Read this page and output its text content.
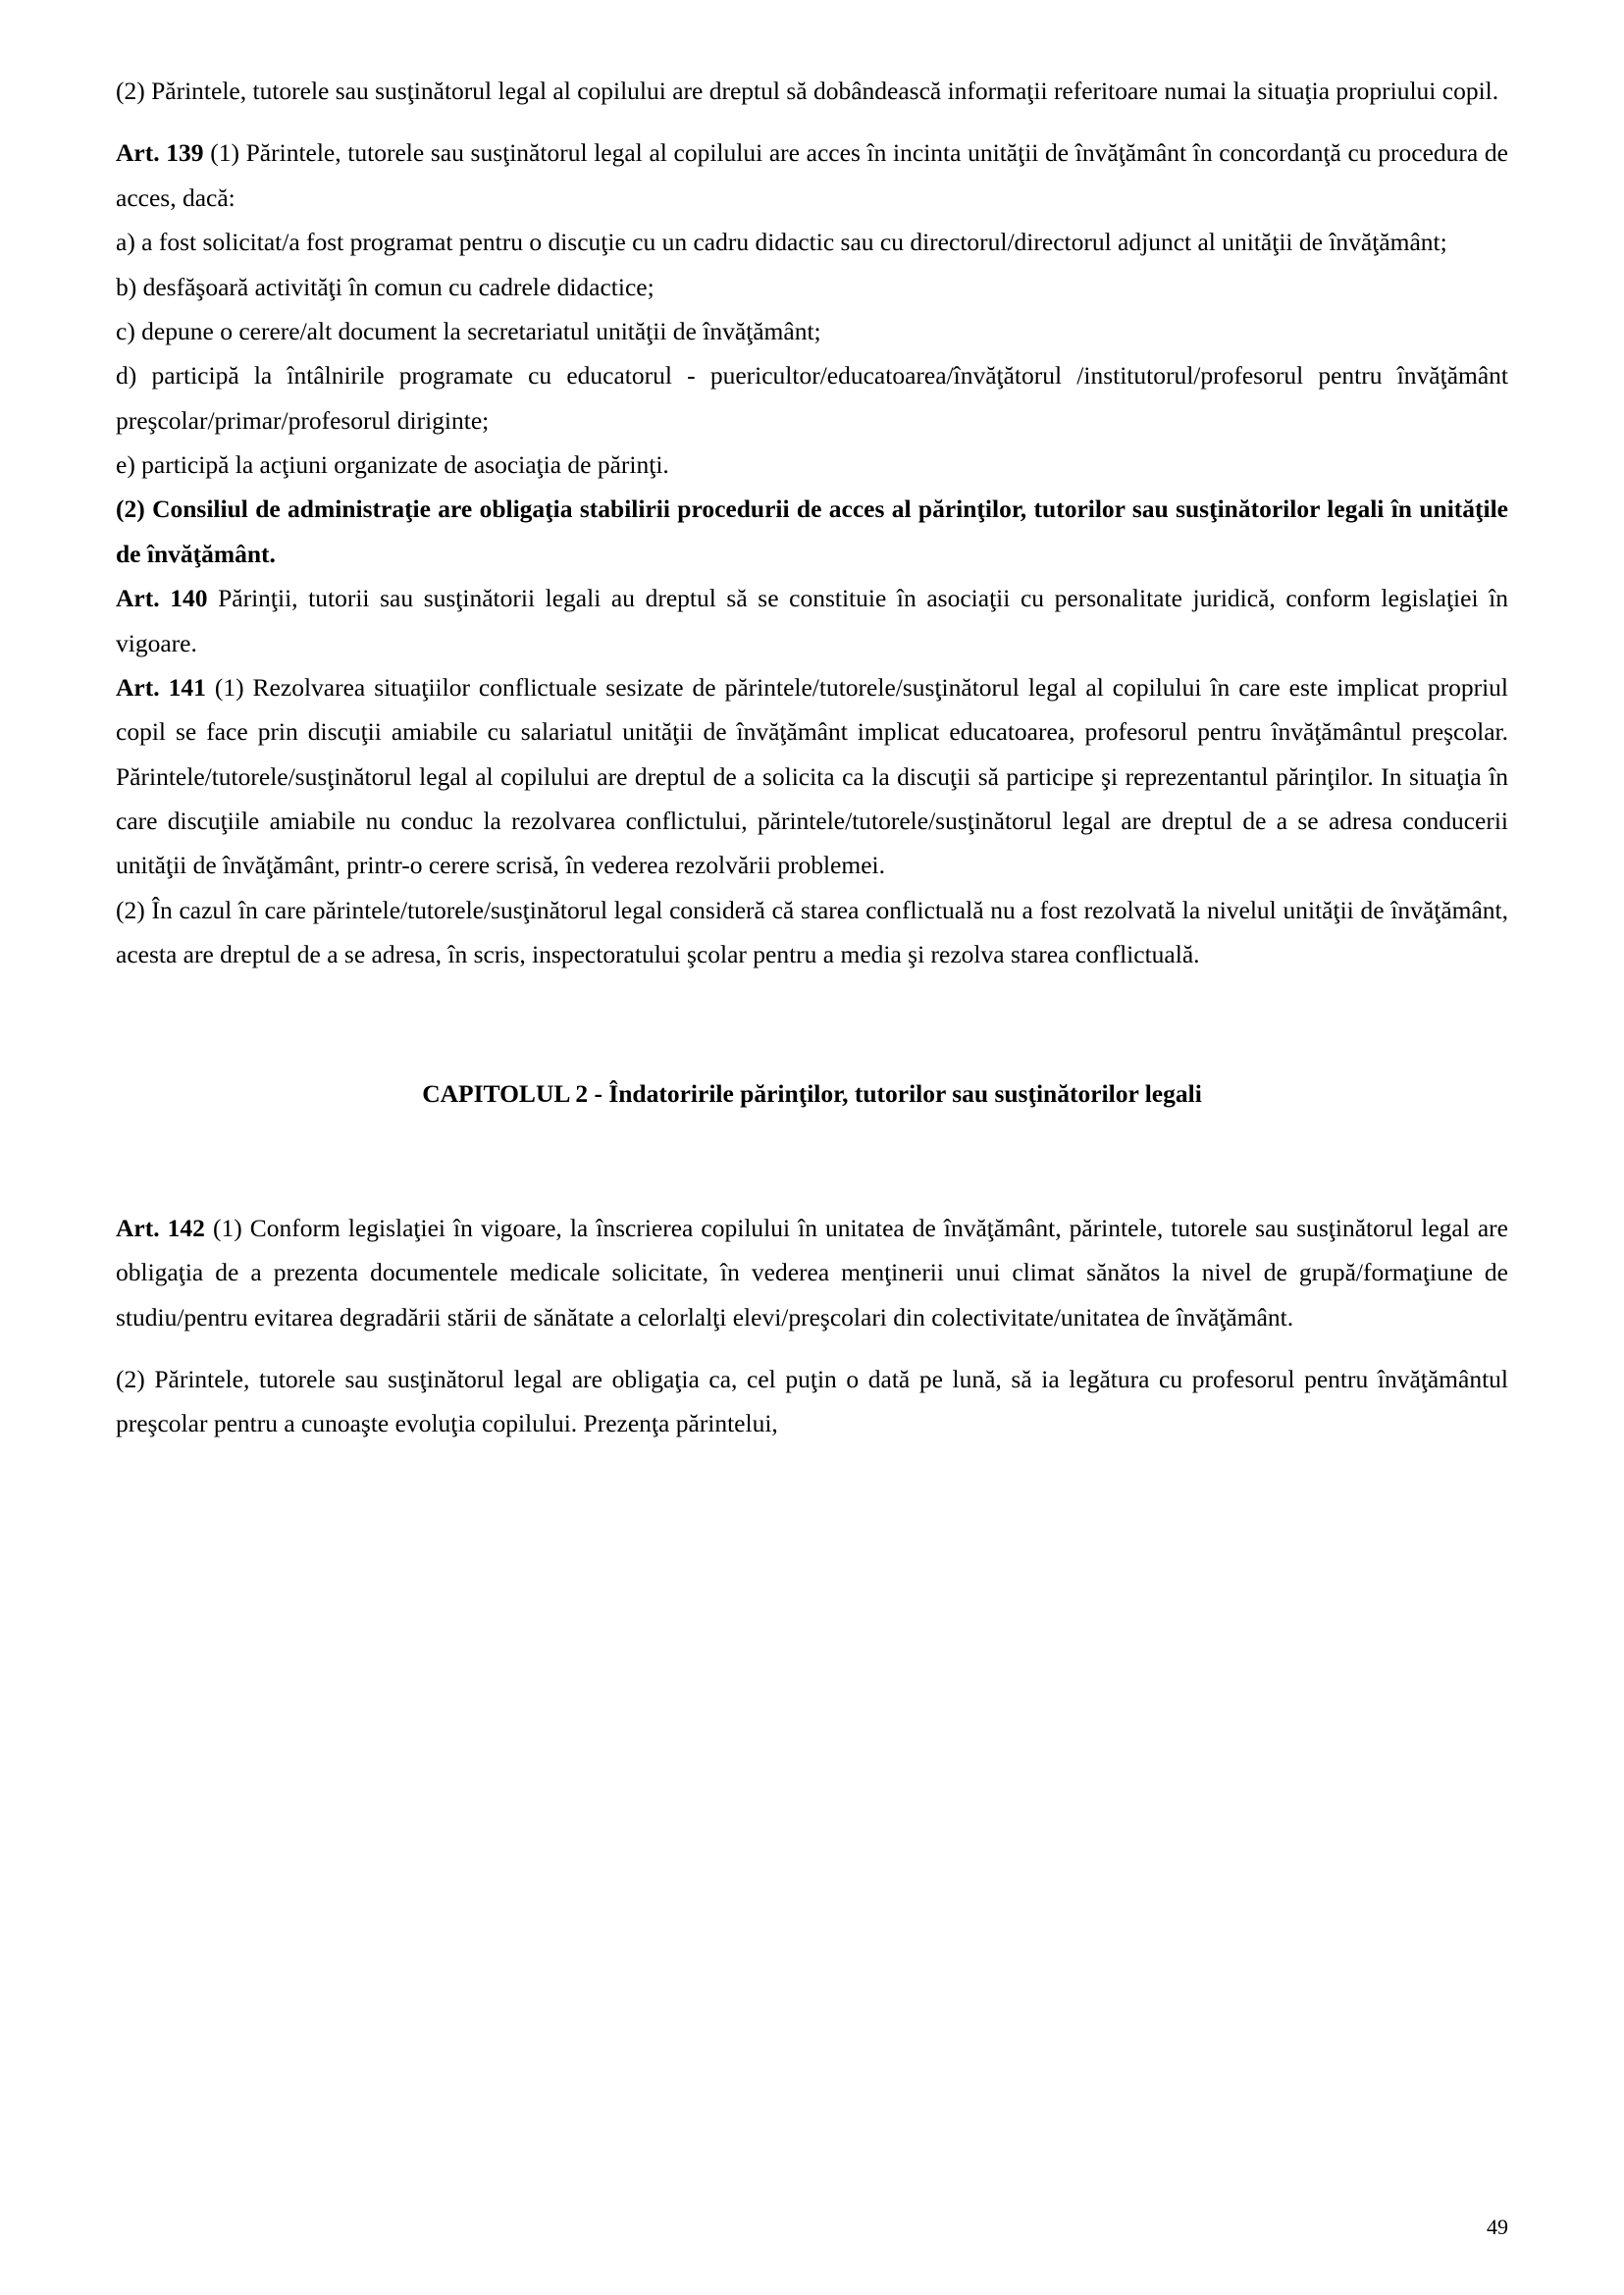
(2) Părintele, tutorele sau susţinătorul legal al copilului are dreptul să dobândească informaţii referitoare numai la situaţia propriului copil.

Art. 139 (1) Părintele, tutorele sau susţinătorul legal al copilului are acces în incinta unităţii de învăţământ în concordanţă cu procedura de acces, dacă:

a) a fost solicitat/a fost programat pentru o discuţie cu un cadru didactic sau cu directorul/directorul adjunct al unităţii de învăţământ;

b) desfăşoară activităţi în comun cu cadrele didactice;

c) depune o cerere/alt document la secretariatul unităţii de învăţământ;

d) participă la întâlnirile programate cu educatorul - puericultor/educatoarea/învăţătorul /institutorul/profesorul pentru învăţământ preşcolar/primar/profesorul diriginte;

e) participă la acţiuni organizate de asociaţia de părinţi.

(2) Consiliul de administraţie are obligaţia stabilirii procedurii de acces al părinţilor, tutorilor sau susţinătorilor legali în unităţile de învăţământ.

Art. 140 Părinţii, tutorii sau susţinătorii legali au dreptul să se constituie în asociaţii cu personalitate juridică, conform legislaţiei în vigoare.

Art. 141 (1) Rezolvarea situaţiilor conflictuale sesizate de părintele/tutorele/susţinătorul legal al copilului în care este implicat propriul copil se face prin discuţii amiabile cu salariatul unităţii de învăţământ implicat educatoarea, profesorul pentru învăţământul preşcolar. Părintele/tutorele/susţinătorul legal al copilului are dreptul de a solicita ca la discuţii să participe şi reprezentantul părinţilor. In situaţia în care discuţiile amiabile nu conduc la rezolvarea conflictului, părintele/tutorele/susţinătorul legal are dreptul de a se adresa conducerii unităţii de învăţământ, printr-o cerere scrisă, în vederea rezolvării problemei.

(2) În cazul în care părintele/tutorele/susţinătorul legal consideră că starea conflictuală nu a fost rezolvată la nivelul unităţii de învăţământ, acesta are dreptul de a se adresa, în scris, inspectoratului şcolar pentru a media şi rezolva starea conflictuală.

CAPITOLUL 2 - Îndatoririle părinţilor, tutorilor sau susţinătorilor legali

Art. 142 (1) Conform legislaţiei în vigoare, la înscrierea copilului în unitatea de învăţământ, părintele, tutorele sau susţinătorul legal are obligaţia de a prezenta documentele medicale solicitate, în vederea menţinerii unui climat sănătos la nivel de grupă/formaţiune de studiu/pentru evitarea degradării stării de sănătate a celorlalţi elevi/preşcolari din colectivitate/unitatea de învăţământ.

(2) Părintele, tutorele sau susţinătorul legal are obligaţia ca, cel puţin o dată pe lună, să ia legătura cu profesorul pentru învăţământul preşcolar pentru a cunoaşte evoluţia copilului. Prezenţa părintelui,

49
